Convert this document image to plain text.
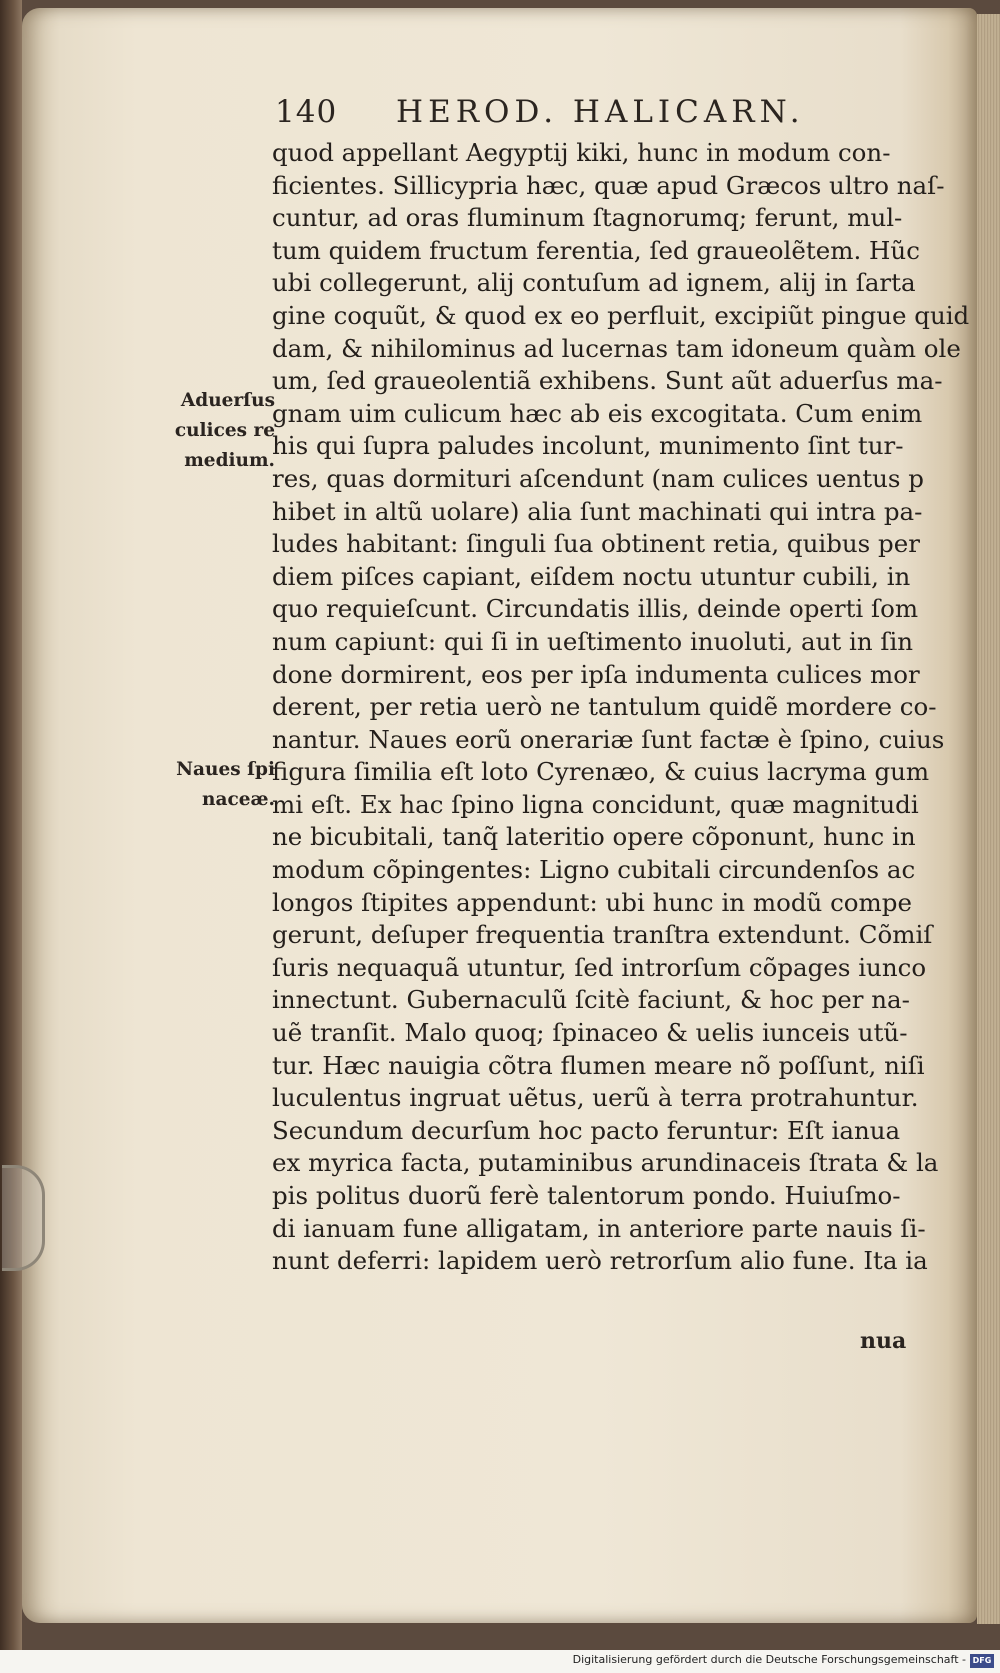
140 HEROD. HALICARN.
quod appellant Aegyptij kiki, hunc in modum con-
ficientes. Sillicypria hæc, quæ apud Græcos ultro naſ-
cuntur, ad oras fluminum ſtagnorumq; ferunt, mul-
tum quidem fructum ferentia, ſed graueolẽtem. Hũc
ubi collegerunt, alij contuſum ad ignem, alij in ſarta
gine coquũt, & quod ex eo perfluit, excipiũt pingue quid
dam, & nihilominus ad lucernas tam idoneum quàm ole
um, ſed graueolentiã exhibens. Sunt aũt aduerſus ma-
gnam uim culicum hæc ab eis excogitata. Cum enim
his qui ſupra paludes incolunt, munimento ſint tur-
res, quas dormituri aſcendunt (nam culices uentus p
hibet in altũ uolare) alia ſunt machinati qui intra pa-
ludes habitant: ſinguli ſua obtinent retia, quibus per
diem piſces capiant, eiſdem noctu utuntur cubili, in
quo requieſcunt. Circundatis illis, deinde operti ſom
num capiunt: qui ſi in ueſtimento inuoluti, aut in ſin
done dormirent, eos per ipſa indumenta culices mor
derent, per retia uerò ne tantulum quidẽ mordere co-
nantur. Naues eorũ onerariæ ſunt factæ è ſpino, cuius
figura ſimilia eſt loto Cyrenæo, & cuius lacryma gum
mi eſt. Ex hac ſpino ligna concidunt, quæ magnitudi
ne bicubitali, tanq̃ lateritio opere cõponunt, hunc in
modum cõpingentes: Ligno cubitali circundenſos ac
longos ſtipites appendunt: ubi hunc in modũ compe
gerunt, deſuper frequentia tranſtra extendunt. Cõmiſ
ſuris nequaquã utuntur, ſed introrſum cõpages iunco
innectunt. Gubernaculũ ſcitè faciunt, & hoc per na-
uẽ tranſit. Malo quoq; ſpinaceo & uelis iunceis utũ-
tur. Hæc nauigia cõtra flumen meare nõ poſſunt, niſi
luculentus ingruat uẽtus, uerũ à terra protrahuntur.
Secundum decurſum hoc pacto feruntur: Eſt ianua
ex myrica facta, putaminibus arundinaceis ſtrata & la
pis politus duorũ ferè talentorum pondo. Huiuſmo-
di ianuam fune alligatam, in anteriore parte nauis ſi-
nunt deferri: lapidem uerò retrorſum alio fune. Ita ia
Aduerſus
culices re
medium.
Naues ſpi
naceæ.
nua
Digitalisierung gefördert durch die Deutsche Forschungsgemeinschaft - DFG
